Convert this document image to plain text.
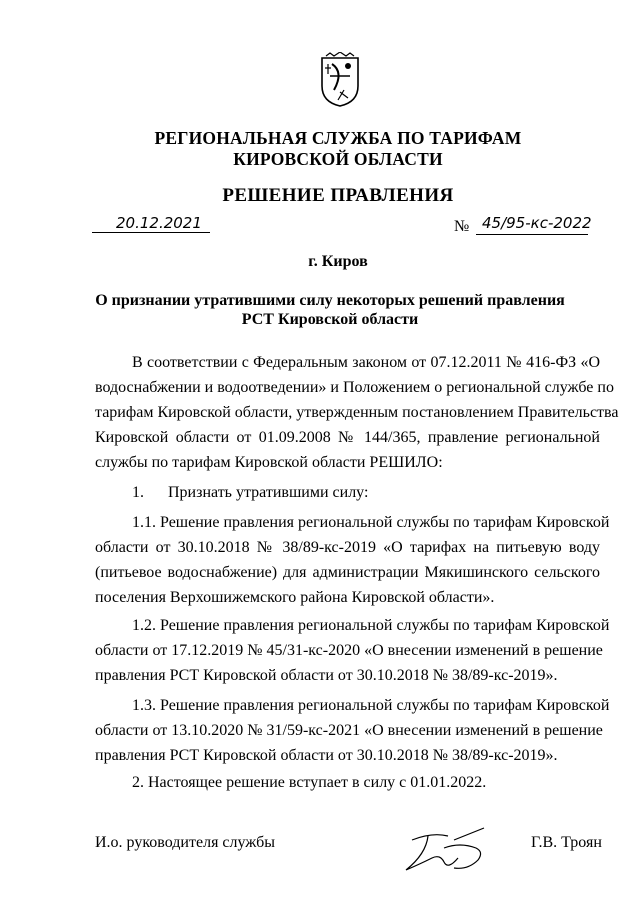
РЕГИОНАЛЬНАЯ СЛУЖБА ПО ТАРИФАМ
КИРОВСКОЙ ОБЛАСТИ
РЕШЕНИЕ ПРАВЛЕНИЯ
20.12.2021	№ 45/95-кс-2022
г. Киров
О признании утратившими силу некоторых решений правления
РСТ Кировской области
В соответствии с Федеральным законом от 07.12.2011 № 416-ФЗ «О
водоснабжении и водоотведении» и Положением о региональной службе по
тарифам Кировской области, утвержденным постановлением Правительства
Кировской области от 01.09.2008 № 144/365, правление региональной
службы по тарифам Кировской области РЕШИЛО:
1.      Признать утратившими силу:
1.1. Решение правления региональной службы по тарифам Кировской
области от 30.10.2018 № 38/89-кс-2019 «О тарифах на питьевую воду
(питьевое водоснабжение) для администрации Мякишинского сельского
поселения Верхошижемского района Кировской области».
1.2. Решение правления региональной службы по тарифам Кировской
области от 17.12.2019 № 45/31-кс-2020 «О внесении изменений в решение
правления РСТ Кировской области от 30.10.2018 № 38/89-кс-2019».
1.3. Решение правления региональной службы по тарифам Кировской
области от 13.10.2020 № 31/59-кс-2021 «О внесении изменений в решение
правления РСТ Кировской области от 30.10.2018 № 38/89-кс-2019».
2. Настоящее решение вступает в силу с 01.01.2022.
И.о. руководителя службы	Г.В. Троян
